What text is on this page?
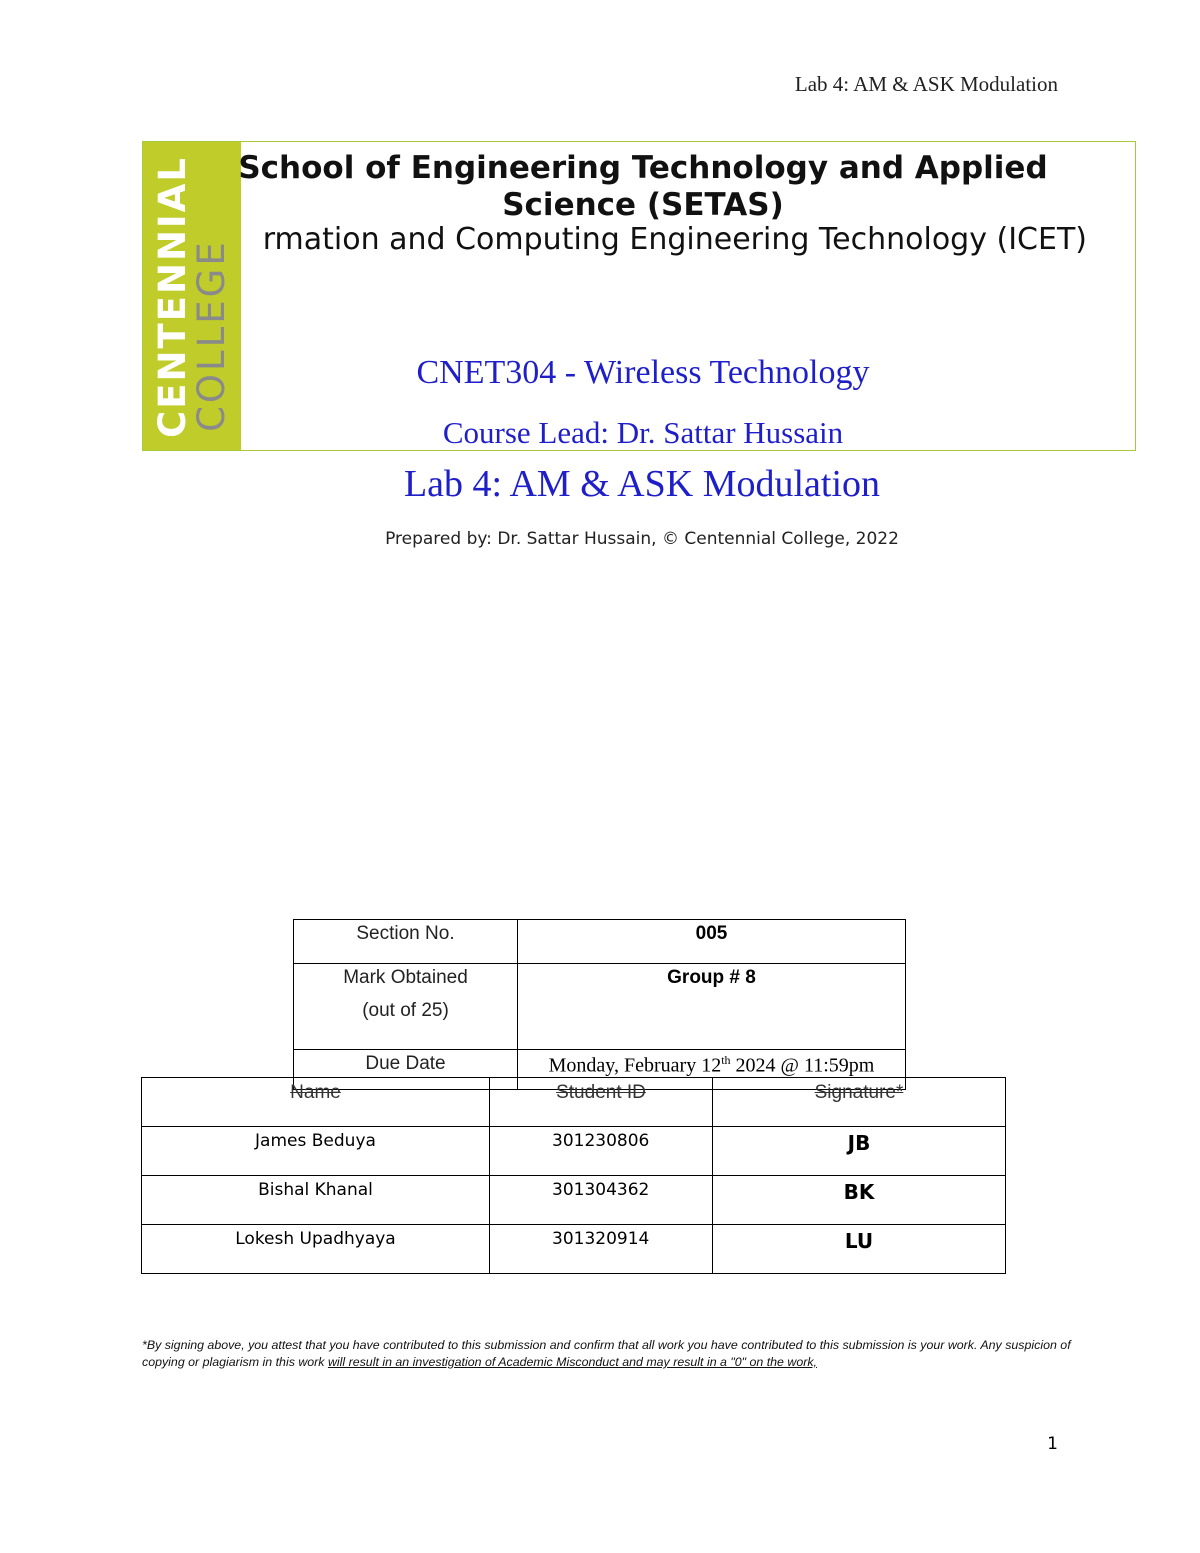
Lab 4: AM & ASK Modulation
CENTENNIAL
COLLEGE
School of Engineering Technology and Applied Science (SETAS)
rmation and Computing Engineering Technology (ICET)
CNET304 - Wireless Technology
Course Lead: Dr. Sattar Hussain
Lab 4: AM & ASK Modulation
Prepared by: Dr. Sattar Hussain, © Centennial College, 2022
Section No.	005

Mark Obtained
(out of 25)	Group # 8
Due Date	Monday, February 12th 2024 @ 11:59pm
Name	Student ID	Signature*
James Beduya	301230806	JB
Bishal Khanal	301304362	BK
Lokesh Upadhyaya	301320914	LU
*By signing above, you attest that you have contributed to this submission and confirm that all work you have contributed to this submission is your work. Any suspicion of copying or plagiarism in this work will result in an investigation of Academic Misconduct and may result in a "0" on the work,
1
